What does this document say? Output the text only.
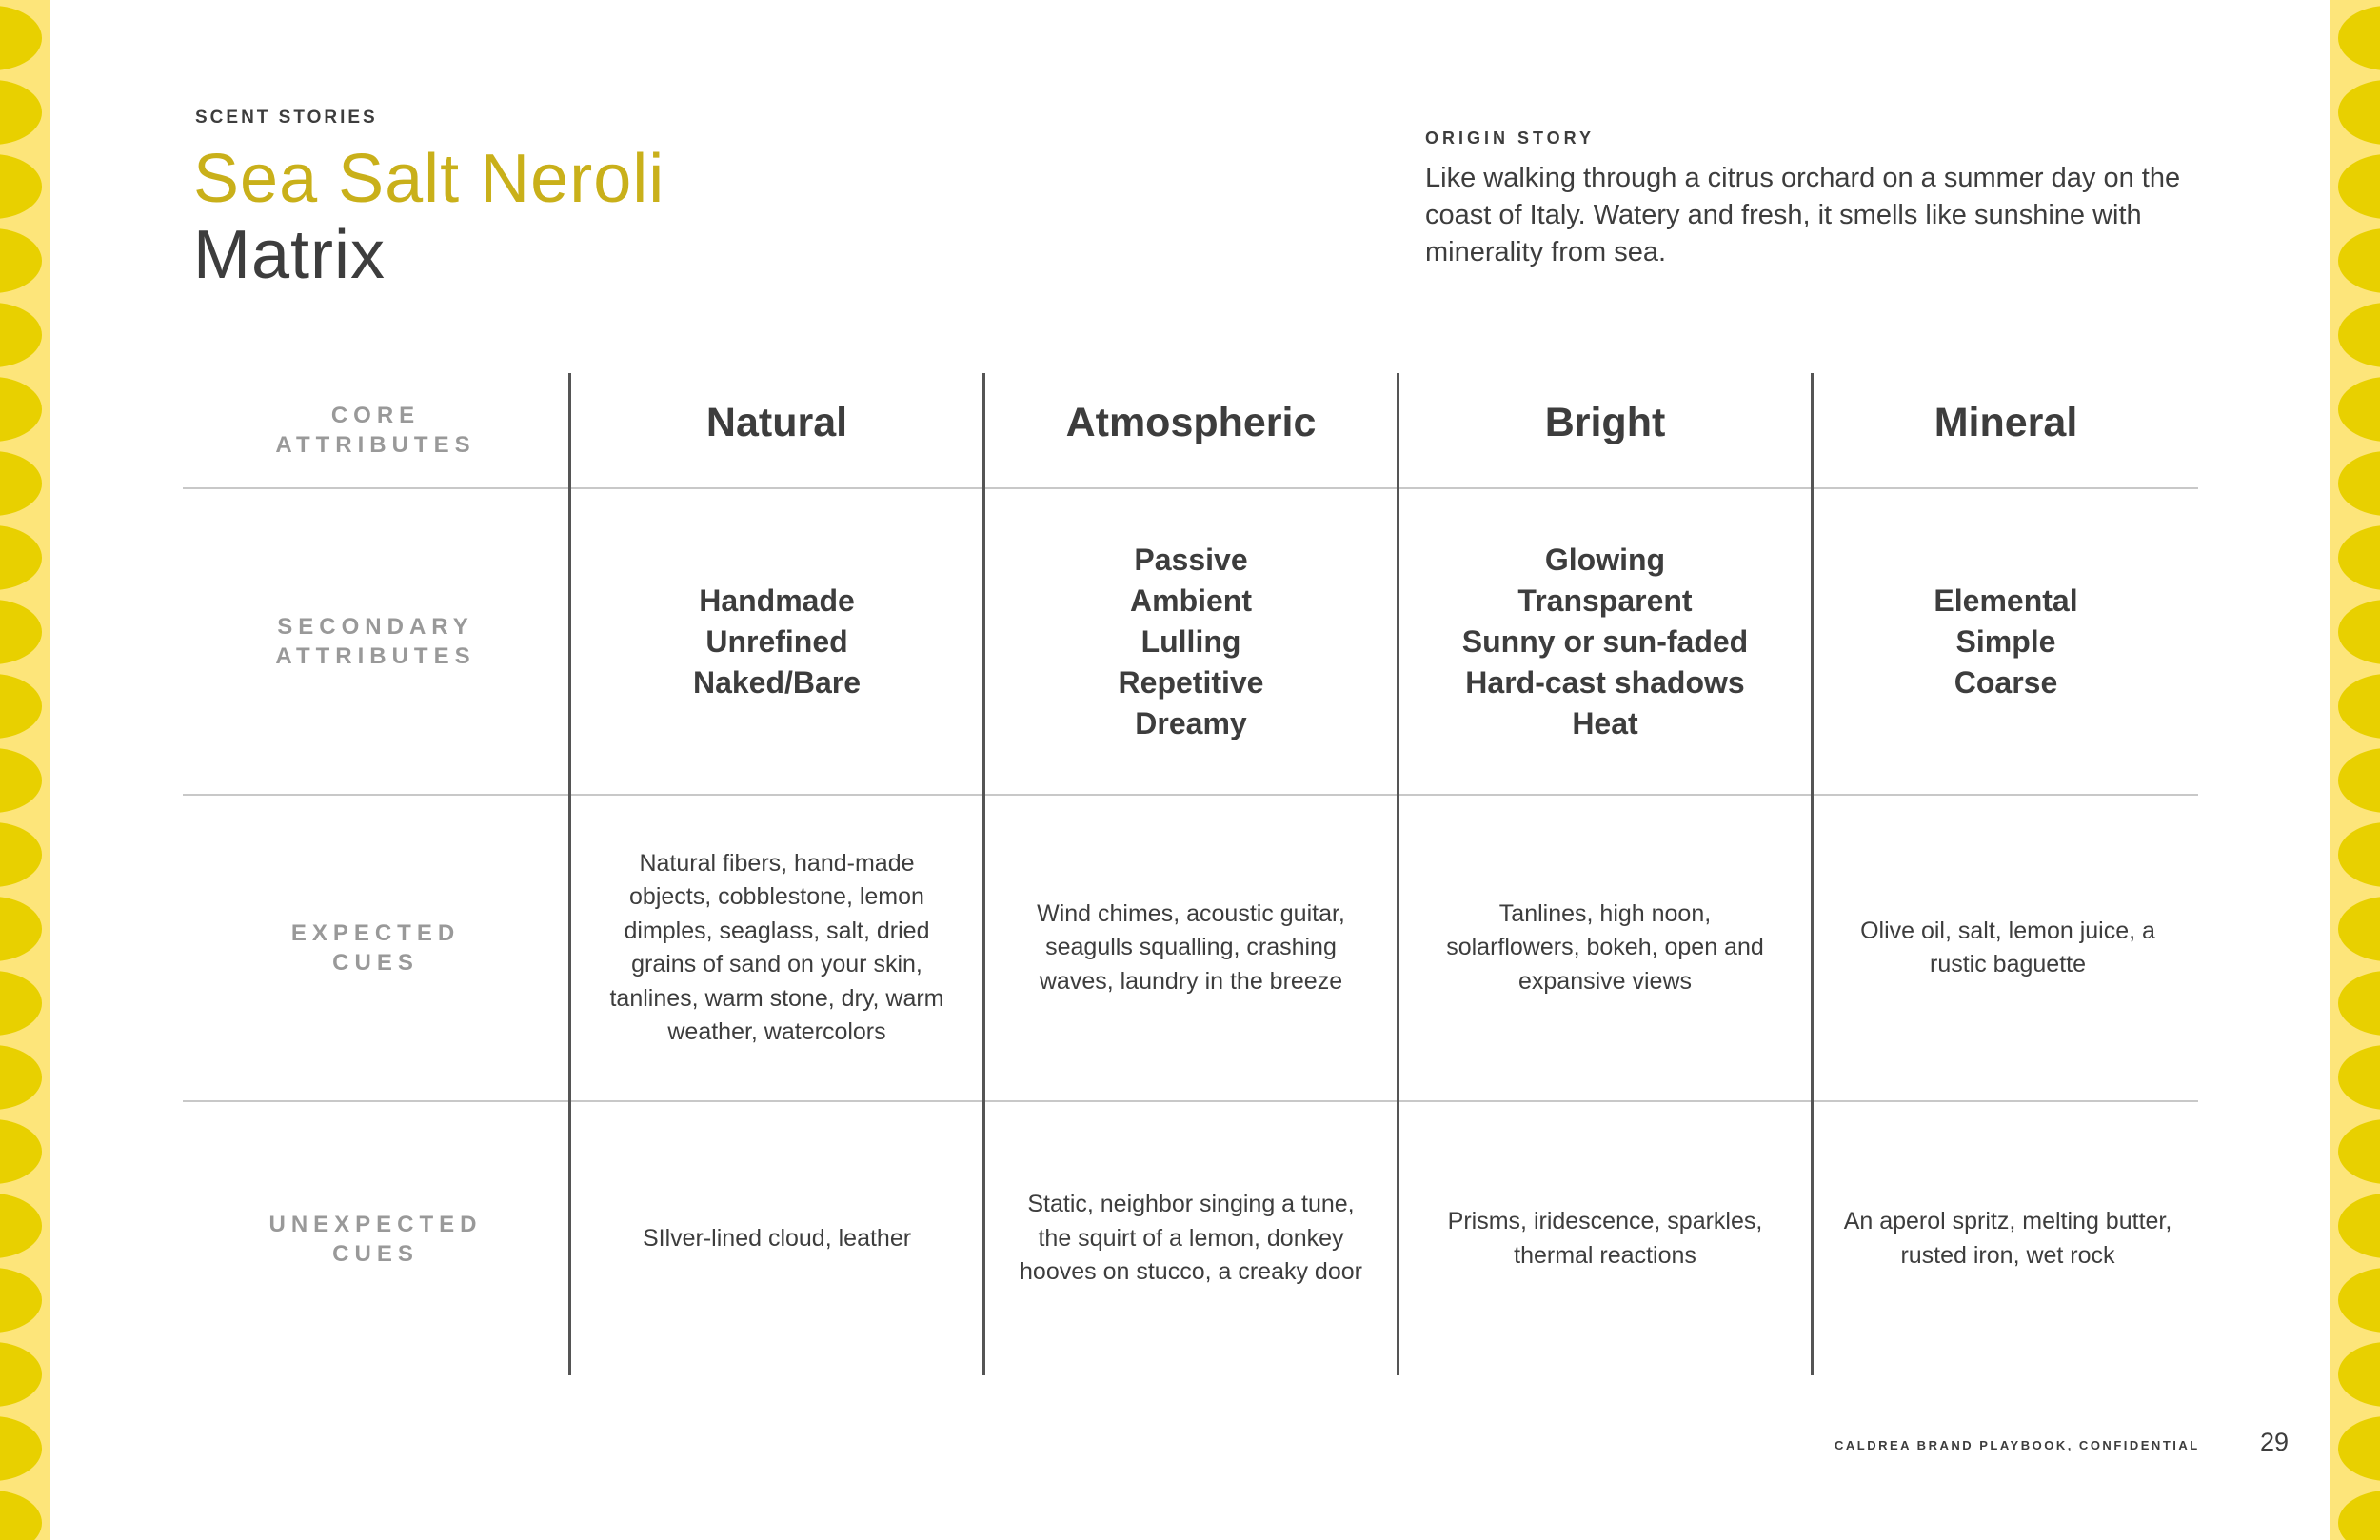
SCENT STORIES
Sea Salt Neroli
Matrix
ORIGIN STORY
Like walking through a citrus orchard on a summer day on the coast of Italy. Watery and fresh, it smells like sunshine with minerality from sea.
CORE
ATTRIBUTES
SECONDARY
ATTRIBUTES
EXPECTED
CUES
UNEXPECTED
CUES
Natural
Handmade
Unrefined
Naked/Bare
Natural fibers, hand-made objects, cobblestone, lemon dimples, seaglass, salt, dried grains of sand on your skin, tanlines, warm stone, dry, warm weather, watercolors
SIlver-lined cloud, leather
Atmospheric
Passive
Ambient
Lulling
Repetitive
Dreamy
Wind chimes, acoustic guitar, seagulls squalling, crashing waves, laundry in the breeze
Static, neighbor singing a tune, the squirt of a lemon, donkey hooves on stucco, a creaky door
Bright
Glowing
Transparent
Sunny or sun-faded
Hard-cast shadows
Heat
Tanlines, high noon, solarflowers, bokeh, open and expansive views
Prisms, iridescence, sparkles, thermal reactions
Mineral
Elemental
Simple
Coarse
Olive oil, salt, lemon juice, a rustic baguette
An aperol spritz, melting butter, rusted iron, wet rock
CALDREA BRAND PLAYBOOK, CONFIDENTIAL 29
